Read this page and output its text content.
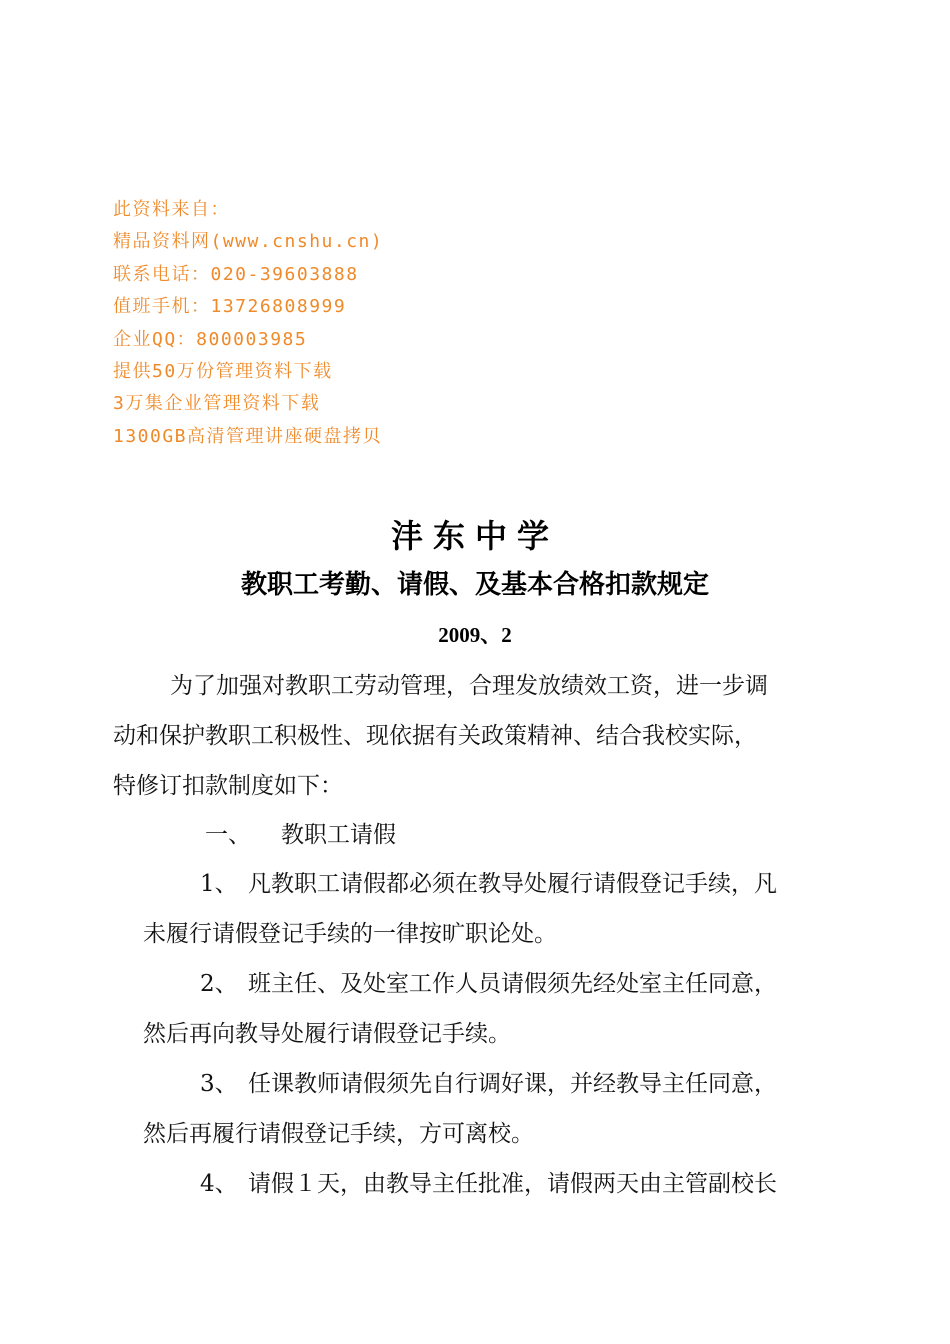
此资料来自：

精品资料网(www.cnshu.cn)

联系电话：020-39603888

值班手机：13726808999

企业QQ：800003985

提供50万份管理资料下载

3万集企业管理资料下载

1300GB高清管理讲座硬盘拷贝

沣东中学
教职工考勤、请假、及基本合格扣款规定
2009、2

为了加强对教职工劳动管理，合理发放绩效工资，进一步调

动和保护教职工积极性、现依据有关政策精神、结合我校实际，

特修订扣款制度如下：

一、 教职工请假

1、 凡教职工请假都必须在教导处履行请假登记手续，凡

未履行请假登记手续的一律按旷职论处。

2、 班主任、及处室工作人员请假须先经处室主任同意，

然后再向教导处履行请假登记手续。

3、 任课教师请假须先自行调好课，并经教导主任同意，

然后再履行请假登记手续，方可离校。

4、 请假１天，由教导主任批准，请假两天由主管副校长
